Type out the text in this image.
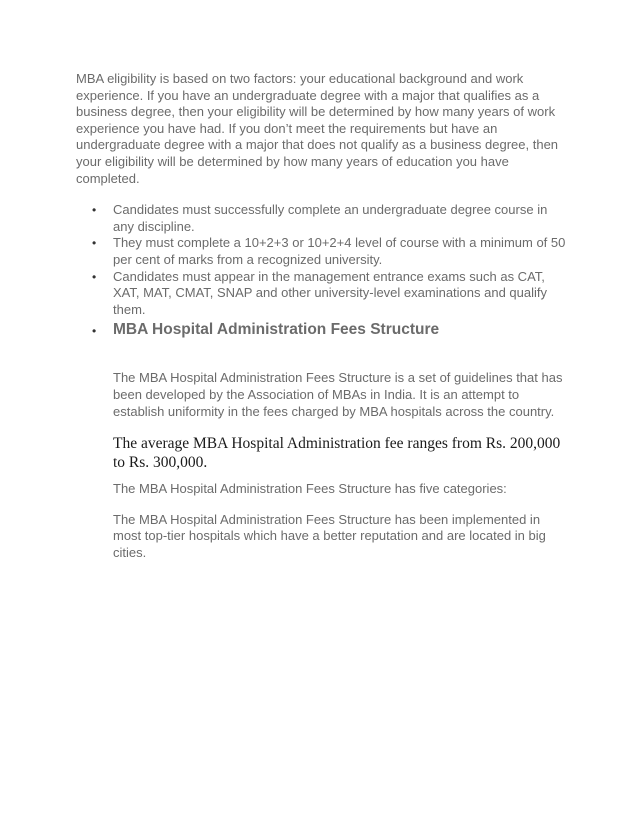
MBA eligibility is based on two factors: your educational background and work experience. If you have an undergraduate degree with a major that qualifies as a business degree, then your eligibility will be determined by how many years of work experience you have had. If you don’t meet the requirements but have an undergraduate degree with a major that does not qualify as a business degree, then your eligibility will be determined by how many years of education you have completed.

• Candidates must successfully complete an undergraduate degree course in any discipline.
• They must complete a 10+2+3 or 10+2+4 level of course with a minimum of 50 per cent of marks from a recognized university.
• Candidates must appear in the management entrance exams such as CAT, XAT, MAT, CMAT, SNAP and other university-level examinations and qualify them.
• MBA Hospital Administration Fees Structure

The MBA Hospital Administration Fees Structure is a set of guidelines that has been developed by the Association of MBAs in India. It is an attempt to establish uniformity in the fees charged by MBA hospitals across the country.

The average MBA Hospital Administration fee ranges from Rs. 200,000 to Rs. 300,000.

The MBA Hospital Administration Fees Structure has five categories:

The MBA Hospital Administration Fees Structure has been implemented in most top-tier hospitals which have a better reputation and are located in big cities.
